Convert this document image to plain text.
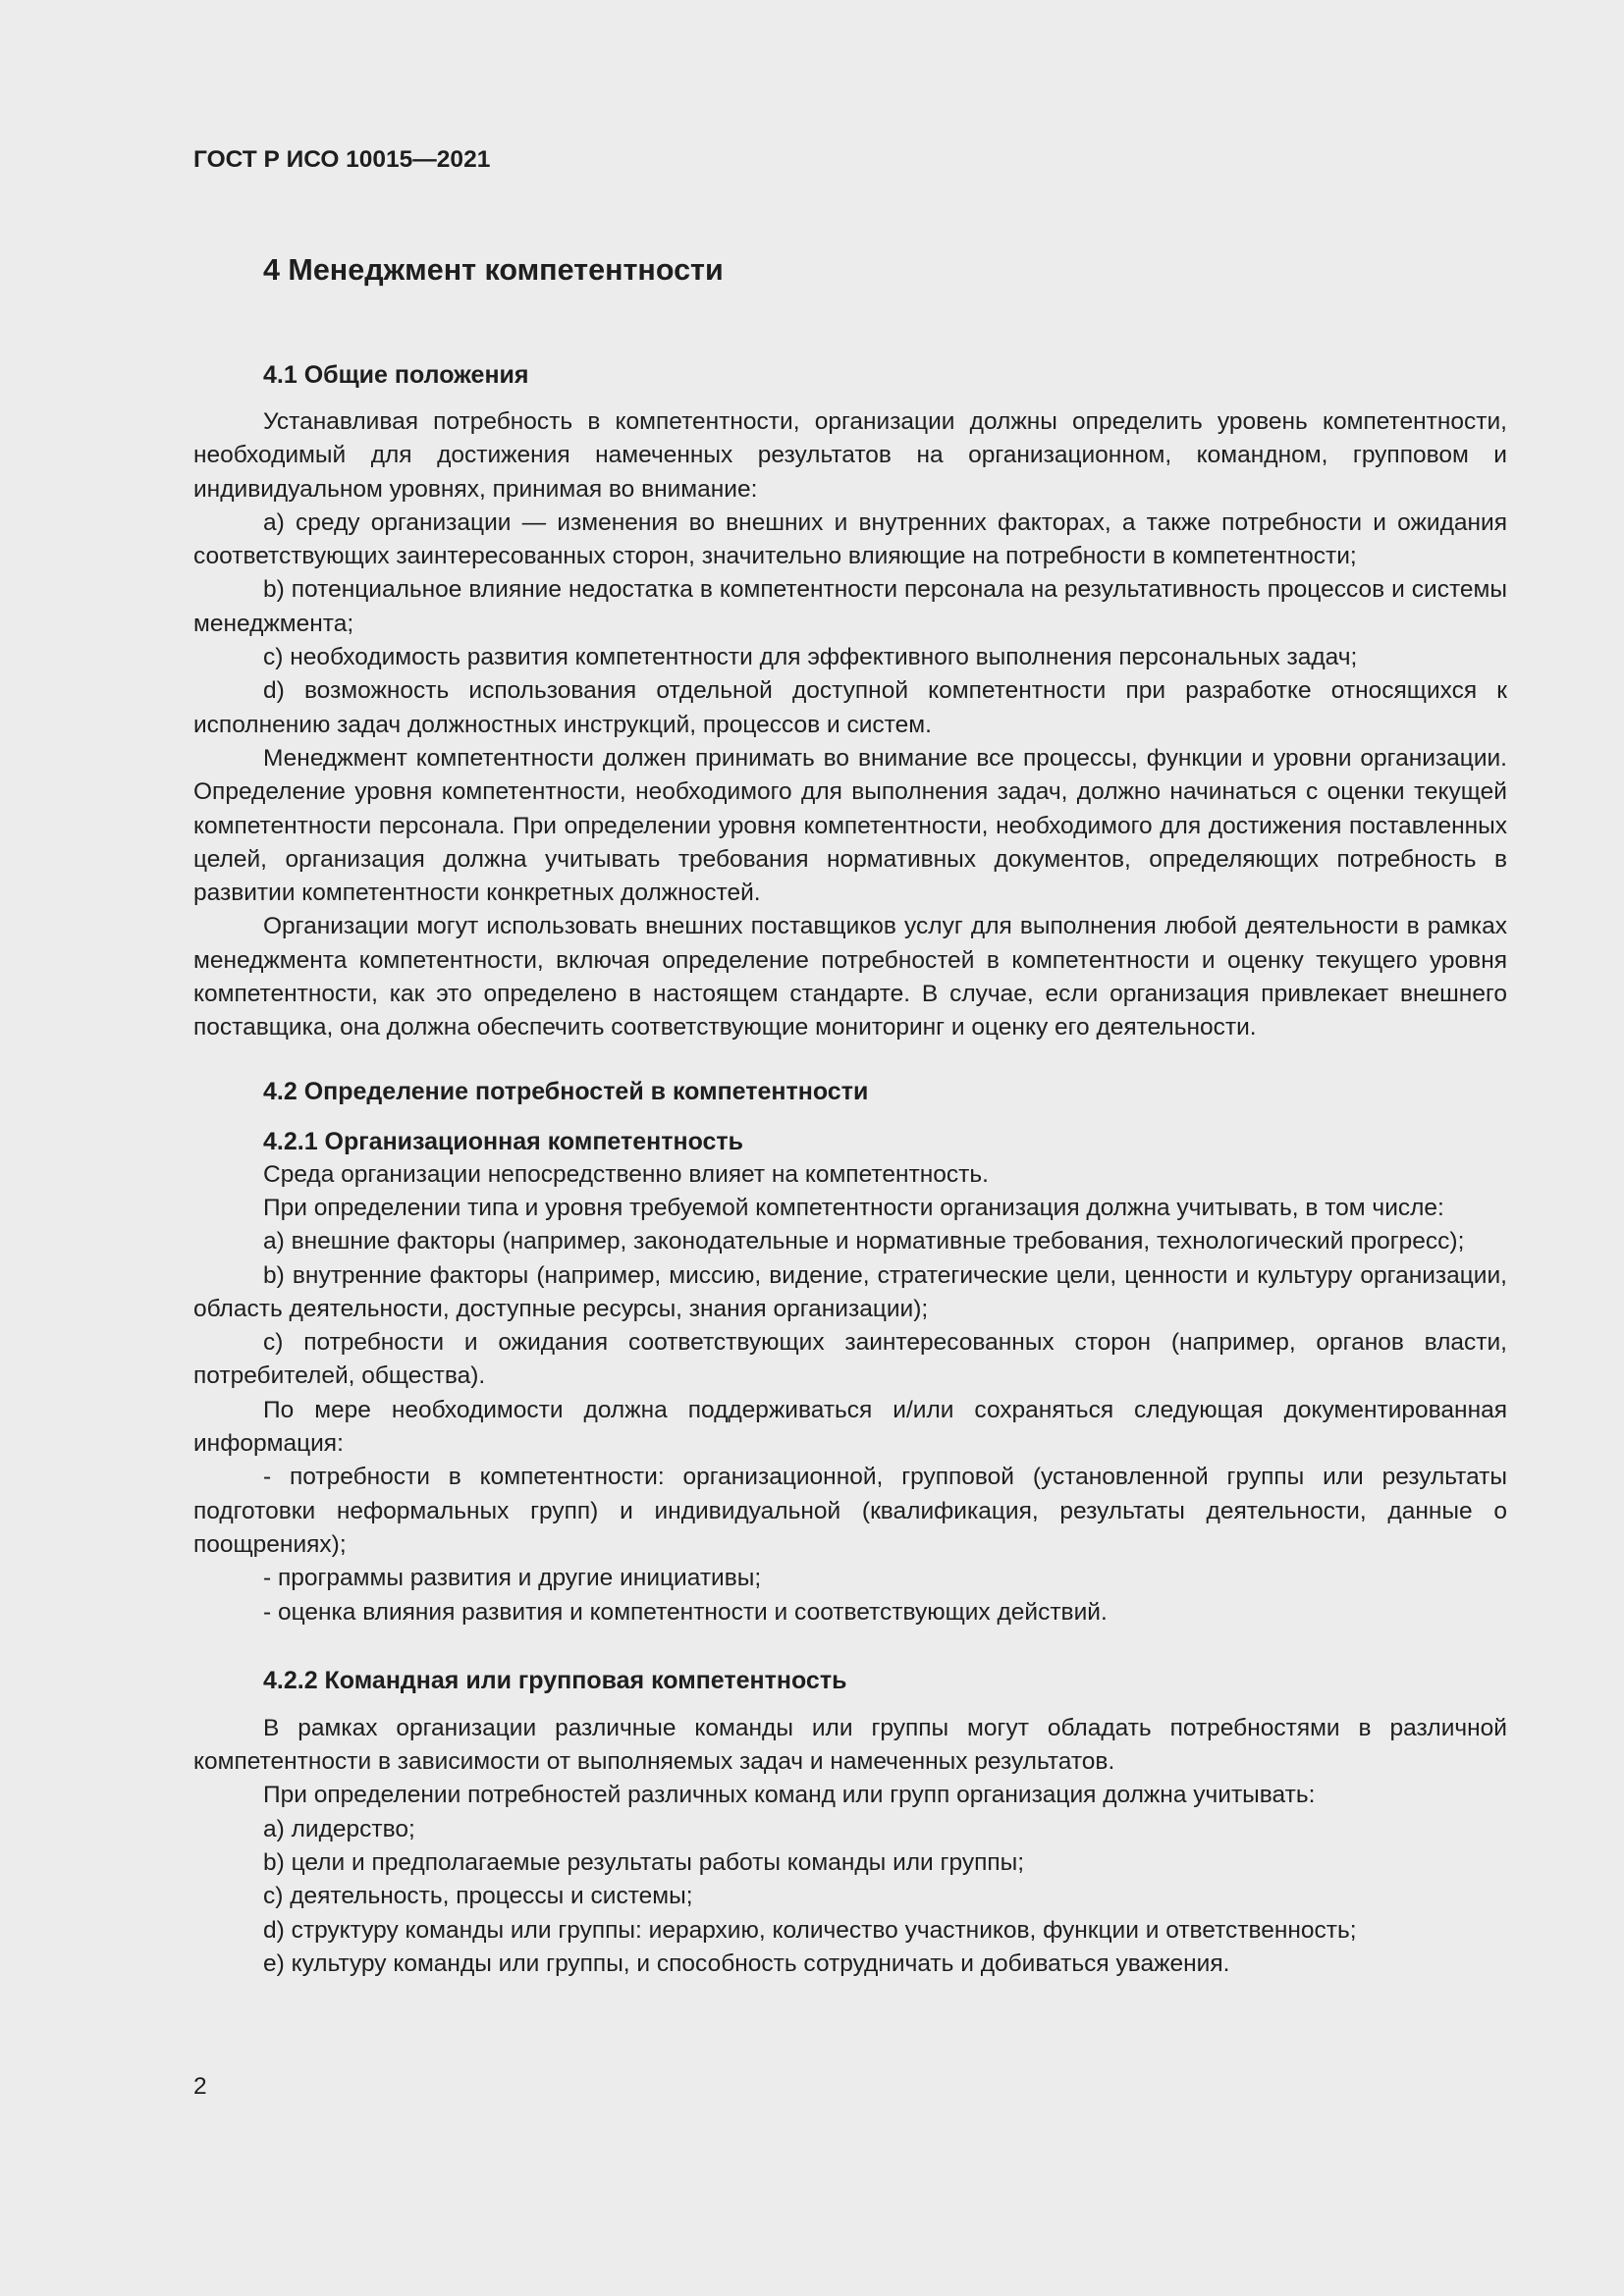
ГОСТ Р ИСО 10015—2021

4 Менеджмент компетентности
4.1 Общие положения

Устанавливая потребность в компетентности, организации должны определить уровень компетентности, необходимый для достижения намеченных результатов на организационном, командном, групповом и индивидуальном уровнях, принимая во внимание:

a) среду организации — изменения во внешних и внутренних факторах, а также потребности и ожидания соответствующих заинтересованных сторон, значительно влияющие на потребности в компетентности;

b) потенциальное влияние недостатка в компетентности персонала на результативность процессов и системы менеджмента;

c) необходимость развития компетентности для эффективного выполнения персональных задач;

d) возможность использования отдельной доступной компетентности при разработке относящихся к исполнению задач должностных инструкций, процессов и систем.

Менеджмент компетентности должен принимать во внимание все процессы, функции и уровни организации. Определение уровня компетентности, необходимого для выполнения задач, должно начинаться с оценки текущей компетентности персонала. При определении уровня компетентности, необходимого для достижения поставленных целей, организация должна учитывать требования нормативных документов, определяющих потребность в развитии компетентности конкретных должностей.

Организации могут использовать внешних поставщиков услуг для выполнения любой деятельности в рамках менеджмента компетентности, включая определение потребностей в компетентности и оценку текущего уровня компетентности, как это определено в настоящем стандарте. В случае, если организация привлекает внешнего поставщика, она должна обеспечить соответствующие мониторинг и оценку его деятельности.

4.2 Определение потребностей в компетентности
4.2.1 Организационная компетентность

Среда организации непосредственно влияет на компетентность.

При определении типа и уровня требуемой компетентности организация должна учитывать, в том числе:

a) внешние факторы (например, законодательные и нормативные требования, технологический прогресс);

b) внутренние факторы (например, миссию, видение, стратегические цели, ценности и культуру организации, область деятельности, доступные ресурсы, знания организации);

c) потребности и ожидания соответствующих заинтересованных сторон (например, органов власти, потребителей, общества).

По мере необходимости должна поддерживаться и/или сохраняться следующая документированная информация:

- потребности в компетентности: организационной, групповой (установленной группы или результаты подготовки неформальных групп) и индивидуальной (квалификация, результаты деятельности, данные о поощрениях);

- программы развития и другие инициативы;

- оценка влияния развития и компетентности и соответствующих действий.

4.2.2 Командная или групповая компетентность

В рамках организации различные команды или группы могут обладать потребностями в различной компетентности в зависимости от выполняемых задач и намеченных результатов.

При определении потребностей различных команд или групп организация должна учитывать:

a) лидерство;

b) цели и предполагаемые результаты работы команды или группы;

c) деятельность, процессы и системы;

d) структуру команды или группы: иерархию, количество участников, функции и ответственность;

e) культуру команды или группы, и способность сотрудничать и добиваться уважения.

2
